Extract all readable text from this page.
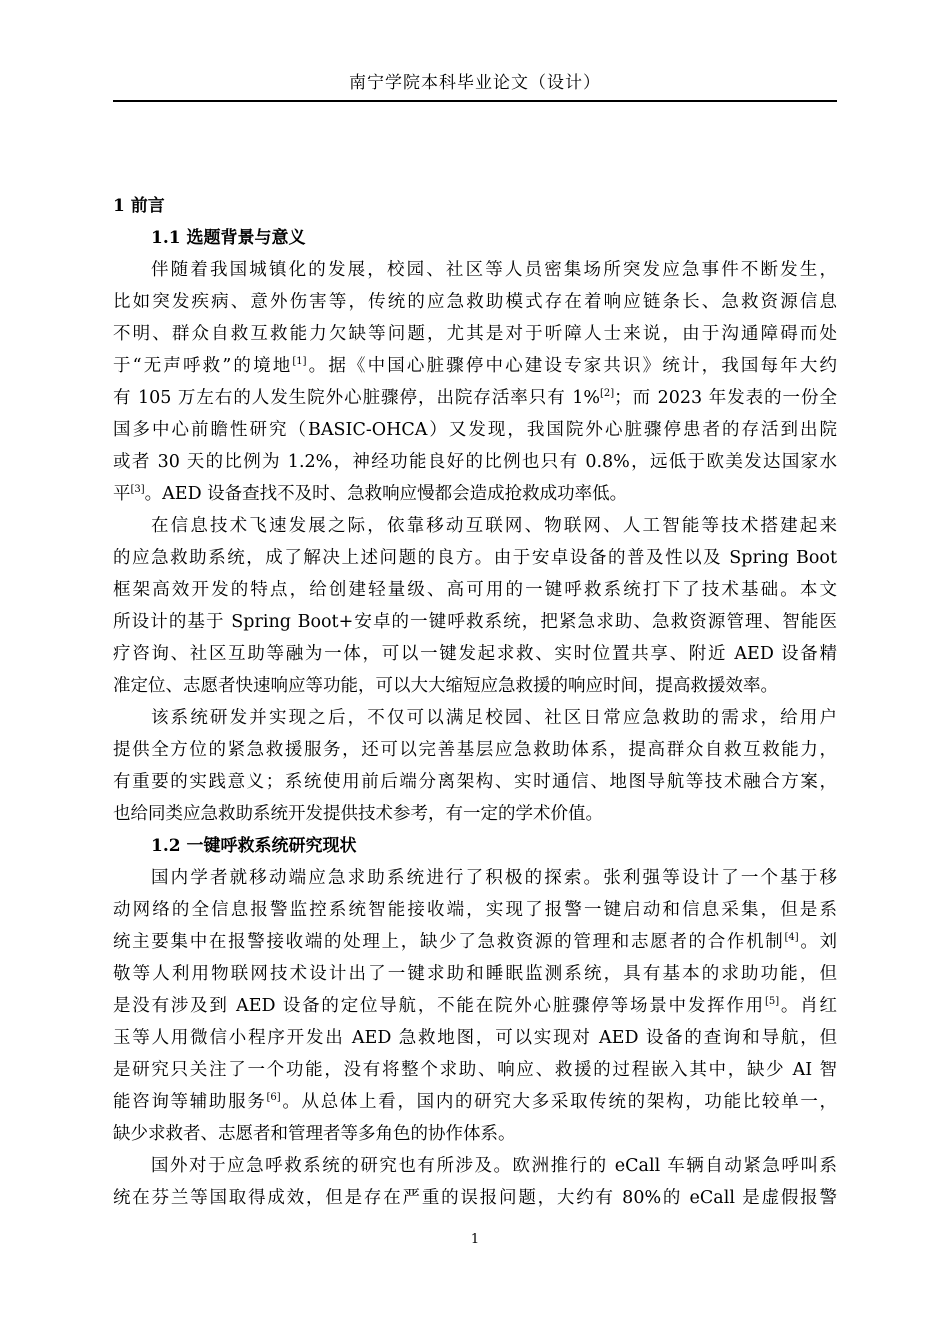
南宁学院本科毕业论文（设计）
1 前言
1.1 选题背景与意义
伴随着我国城镇化的发展，校园、社区等人员密集场所突发应急事件不断发生，
比如突发疾病、意外伤害等，传统的应急救助模式存在着响应链条长、急救资源信息
不明、群众自救互救能力欠缺等问题，尤其是对于听障人士来说，由于沟通障碍而处
于“无声呼救”的境地[1]。据《中国心脏骤停中心建设专家共识》统计，我国每年大约
有 105 万左右的人发生院外心脏骤停，出院存活率只有 1%[2]；而 2023 年发表的一份全
国多中心前瞻性研究（BASIC-OHCA）又发现，我国院外心脏骤停患者的存活到出院
或者 30 天的比例为 1.2%，神经功能良好的比例也只有 0.8%，远低于欧美发达国家水
平[3]。AED 设备查找不及时、急救响应慢都会造成抢救成功率低。
在信息技术飞速发展之际，依靠移动互联网、物联网、人工智能等技术搭建起来
的应急救助系统，成了解决上述问题的良方。由于安卓设备的普及性以及 Spring Boot
框架高效开发的特点，给创建轻量级、高可用的一键呼救系统打下了技术基础。本文
所设计的基于 Spring Boot+安卓的一键呼救系统，把紧急求助、急救资源管理、智能医
疗咨询、社区互助等融为一体，可以一键发起求救、实时位置共享、附近 AED 设备精
准定位、志愿者快速响应等功能，可以大大缩短应急救援的响应时间，提高救援效率。
该系统研发并实现之后，不仅可以满足校园、社区日常应急救助的需求，给用户
提供全方位的紧急救援服务，还可以完善基层应急救助体系，提高群众自救互救能力，
有重要的实践意义；系统使用前后端分离架构、实时通信、地图导航等技术融合方案，
也给同类应急救助系统开发提供技术参考，有一定的学术价值。
1.2 一键呼救系统研究现状
国内学者就移动端应急求助系统进行了积极的探索。张利强等设计了一个基于移
动网络的全信息报警监控系统智能接收端，实现了报警一键启动和信息采集，但是系
统主要集中在报警接收端的处理上，缺少了急救资源的管理和志愿者的合作机制[4]。刘
敬等人利用物联网技术设计出了一键求助和睡眠监测系统，具有基本的求助功能，但
是没有涉及到 AED 设备的定位导航，不能在院外心脏骤停等场景中发挥作用[5]。肖红
玉等人用微信小程序开发出 AED 急救地图，可以实现对 AED 设备的查询和导航，但
是研究只关注了一个功能，没有将整个求助、响应、救援的过程嵌入其中，缺少 AI 智
能咨询等辅助服务[6]。从总体上看，国内的研究大多采取传统的架构，功能比较单一，
缺少求救者、志愿者和管理者等多角色的协作体系。
国外对于应急呼救系统的研究也有所涉及。欧洲推行的 eCall 车辆自动紧急呼叫系
统在芬兰等国取得成效，但是存在严重的误报问题，大约有 80%的 eCall 是虚假报警
1
